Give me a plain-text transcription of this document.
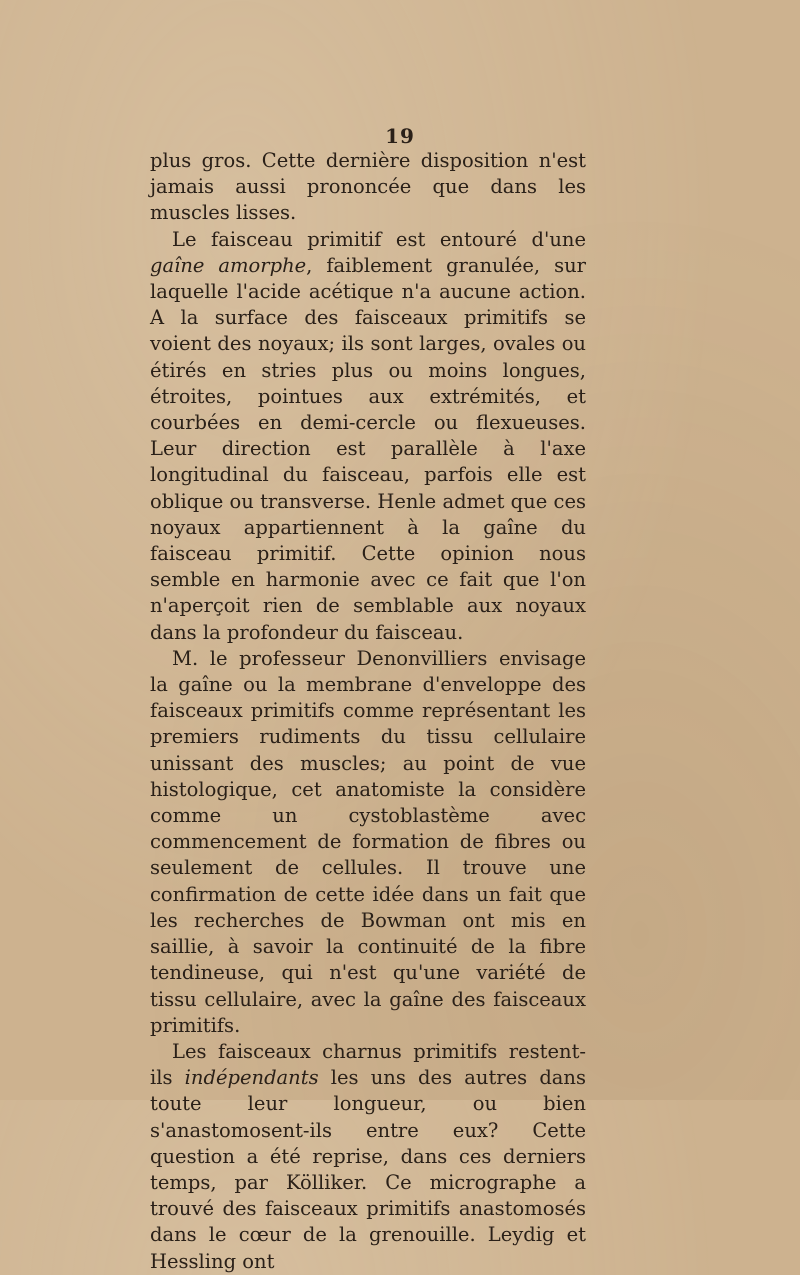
19

plus gros. Cette dernière disposition n'est jamais aussi prononcée que dans les muscles lisses.

Le faisceau primitif est entouré d'une gaîne amorphe, faiblement granulée, sur laquelle l'acide acétique n'a aucune action. A la surface des faisceaux primitifs se voient des noyaux; ils sont larges, ovales ou étirés en stries plus ou moins longues, étroites, pointues aux extrémités, et courbées en demi-cercle ou flexueuses. Leur direction est parallèle à l'axe longitudinal du faisceau, parfois elle est oblique ou transverse. Henle admet que ces noyaux appartiennent à la gaîne du faisceau primitif. Cette opinion nous semble en harmonie avec ce fait que l'on n'aperçoit rien de semblable aux noyaux dans la profondeur du faisceau.

M. le professeur Denonvilliers envisage la gaîne ou la membrane d'enveloppe des faisceaux primitifs comme représentant les premiers rudiments du tissu cellulaire unissant des muscles; au point de vue histologique, cet anatomiste la considère comme un cystoblastème avec commencement de formation de fibres ou seulement de cellules. Il trouve une confirmation de cette idée dans un fait que les recherches de Bowman ont mis en saillie, à savoir la continuité de la fibre tendineuse, qui n'est qu'une variété de tissu cellulaire, avec la gaîne des faisceaux primitifs.

Les faisceaux charnus primitifs restent-ils indépendants les uns des autres dans toute leur longueur, ou bien s'anastomosent-ils entre eux? Cette question a été reprise, dans ces derniers temps, par Kölliker. Ce micrographe a trouvé des faisceaux primitifs anastomosés dans le cœur de la grenouille. Leydig et Hessling ont
